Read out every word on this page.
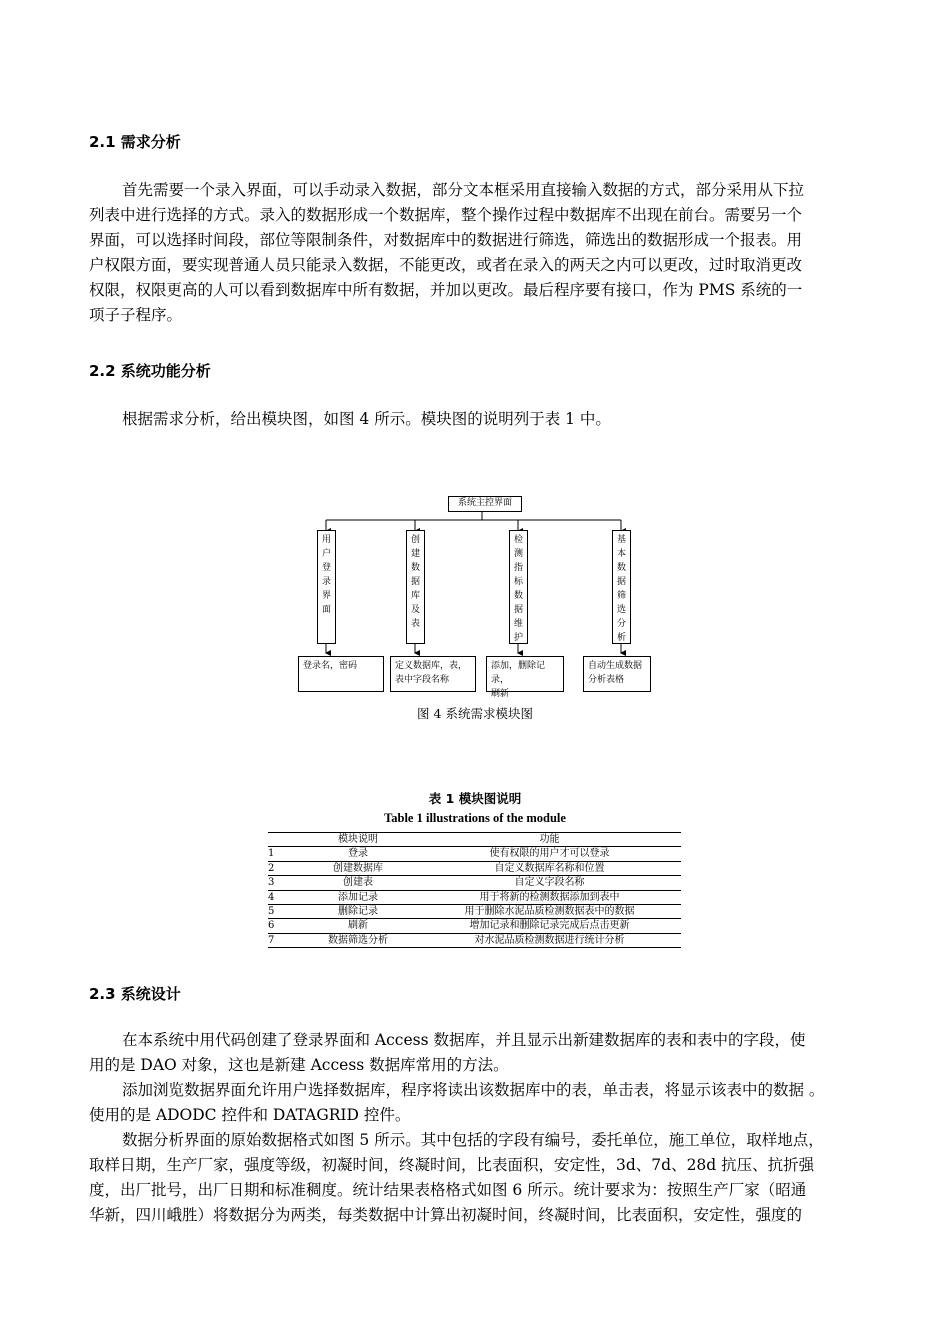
2.1 需求分析
首先需要一个录入界面，可以手动录入数据，部分文本框采用直接输入数据的方式，部分采用从下拉
列表中进行选择的方式。录入的数据形成一个数据库，整个操作过程中数据库不出现在前台。需要另一个
界面，可以选择时间段，部位等限制条件，对数据库中的数据进行筛选，筛选出的数据形成一个报表。用
户权限方面，要实现普通人员只能录入数据，不能更改，或者在录入的两天之内可以更改，过时取消更改
权限，权限更高的人可以看到数据库中所有数据，并加以更改。最后程序要有接口，作为 PMS 系统的一
项子子程序。
2.2 系统功能分析
根据需求分析，给出模块图，如图 4 所示。模块图的说明列于表 1 中。
系统主控界面
用户登录界面
创建数据库及表
检测指标数据维护
基本数据筛选分析
登录名，密码	定义数据库，表，
表中字段名称
添加，删除记录，
刷新
自动生成数据
分析表格
图 4 系统需求模块图
表 1 模块图说明
Table 1 illustrations of the module
	模块说明	功能
1	登录	使有权限的用户才可以登录
2	创建数据库	自定义数据库名称和位置
3	创建表	自定义字段名称
4	添加记录	用于将新的检测数据添加到表中
5	删除记录	用于删除水泥品质检测数据表中的数据
6	刷新	增加记录和删除记录完成后点击更新
7	数据筛选分析	对水泥品质检测数据进行统计分析
2.3 系统设计
在本系统中用代码创建了登录界面和 Access 数据库，并且显示出新建数据库的表和表中的字段，使
用的是 DAO 对象，这也是新建 Access 数据库常用的方法。
添加浏览数据界面允许用户选择数据库，程序将读出该数据库中的表，单击表，将显示该表中的数据 。
使用的是 ADODC 控件和 DATAGRID 控件。
数据分析界面的原始数据格式如图 5 所示。其中包括的字段有编号，委托单位，施工单位，取样地点，
取样日期，生产厂家，强度等级，初凝时间，终凝时间，比表面积，安定性，3d、7d、28d 抗压、抗折强
度，出厂批号，出厂日期和标准稠度。统计结果表格格式如图 6 所示。统计要求为：按照生产厂家（昭通
华新，四川峨胜）将数据分为两类，每类数据中计算出初凝时间，终凝时间，比表面积，安定性，强度的
